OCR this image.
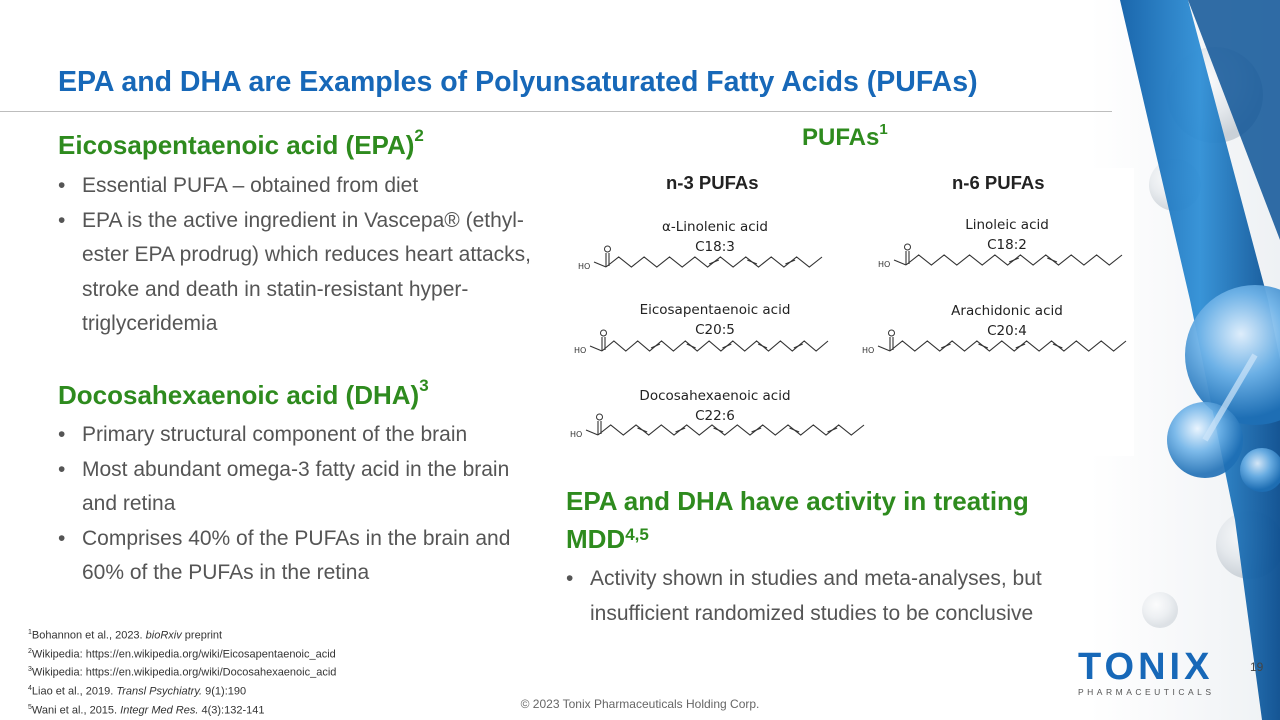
EPA and DHA are Examples of Polyunsaturated Fatty Acids (PUFAs)
Eicosapentaenoic acid (EPA)$^2$
• Essential PUFA – obtained from diet
• EPA is the active ingredient in Vascepa® (ethyl-ester EPA prodrug) which reduces heart attacks, stroke and death in statin-resistant hyper-triglyceridemia
Docosahexaenoic acid (DHA)$^3$
• Primary structural component of the brain
• Most abundant omega-3 fatty acid in the brain and retina
• Comprises 40% of the PUFAs in the brain and 60% of the PUFAs in the retina
PUFAs$^1$
n-3 PUFAs	n-6 PUFAs
α-Linolenic acid
C18:3
Eicosapentaenoic acid
C20:5
Docosahexaenoic acid
C22:6
Linoleic acid
C18:2
Arachidonic acid
C20:4
HO
HO
HO
HO
HO
EPA and DHA have activity in treating MDD$^{4,5}$
• Activity shown in studies and meta-analyses, but insufficient randomized studies to be conclusive
$^1$Bohannon et al., 2023. bioRxiv preprint
$^2$Wikipedia: https://en.wikipedia.org/wiki/Eicosapentaenoic_acid
$^3$Wikipedia: https://en.wikipedia.org/wiki/Docosahexaenoic_acid
$^4$Liao et al., 2019. Transl Psychiatry. 9(1):190
$^5$Wani et al., 2015. Integr Med Res. 4(3):132-141
TONIX
PHARMACEUTICALS
19
© 2023 Tonix Pharmaceuticals Holding Corp.
